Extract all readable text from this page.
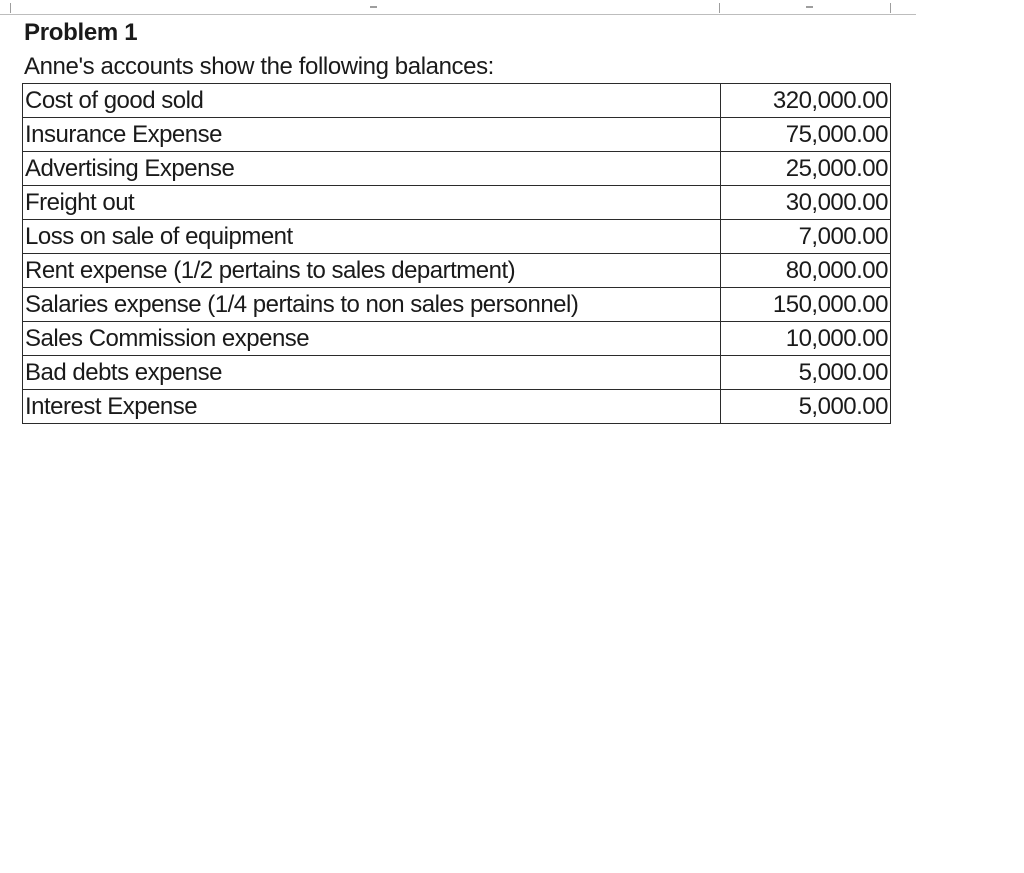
Problem 1
Anne's accounts show the following balances:
Cost of good sold	320,000.00
Insurance Expense	75,000.00
Advertising Expense	25,000.00
Freight out	30,000.00
Loss on sale of equipment	7,000.00
Rent expense (1/2 pertains to sales department)	80,000.00
Salaries expense (1/4 pertains to non sales personnel)	150,000.00
Sales Commission expense	10,000.00
Bad debts expense	5,000.00
Interest Expense	5,000.00
